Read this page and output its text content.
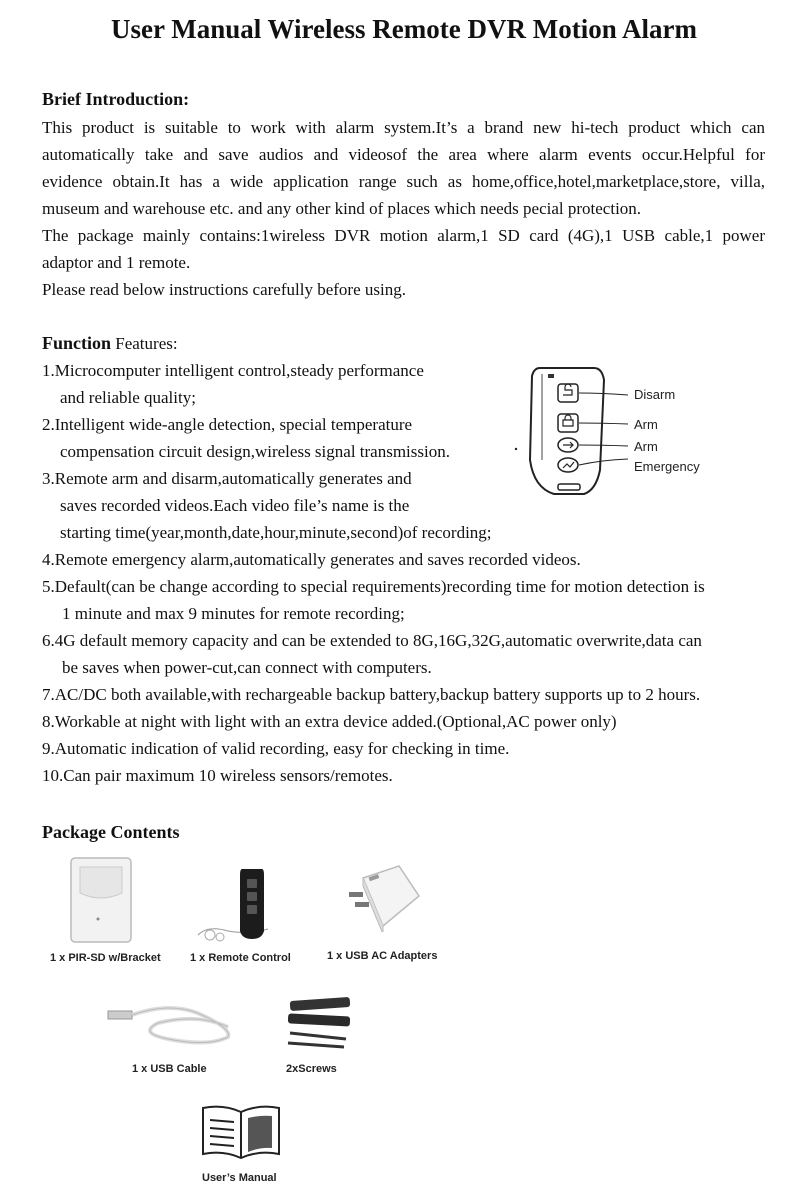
User Manual Wireless Remote DVR Motion Alarm
Brief Introduction:
This product is suitable to work with alarm system.It’s a brand new hi-tech product which can
automatically take and save audios and videosof the area where alarm events occur.Helpful for
evidence obtain.It has a wide application range such as home,office,hotel,marketplace,store, villa,
museum and warehouse etc. and any other kind of places which needs pecial protection.
The package mainly contains:1wireless DVR motion alarm,1 SD card (4G),1 USB cable,1 power
adaptor and 1 remote.
Please read below instructions carefully before using.
Function Features:
1.Microcomputer intelligent control,steady performance
and reliable quality;
2.Intelligent wide-angle detection, special temperature
compensation circuit design,wireless signal transmission.
3.Remote arm and disarm,automatically generates and
saves recorded videos.Each video file’s name is the
starting time(year,month,date,hour,minute,second)of recording;
4.Remote emergency alarm,automatically generates and saves recorded videos.
5.Default(can be change according to special requirements)recording time for motion detection is
1 minute and max 9 minutes for remote recording;
6.4G default memory capacity and can be extended to 8G,16G,32G,automatic overwrite,data can
be saves when power-cut,can connect with computers.
7.AC/DC both available,with rechargeable backup battery,backup battery supports up to 2 hours.
8.Workable at night with light with an extra device added.(Optional,AC power only)
9.Automatic indication of valid recording, easy for checking in time.
10.Can pair maximum 10 wireless sensors/remotes.
Disarm
Arm
Arm
Emergency
Package Contents
1 x PIR-SD w/Bracket	1 x Remote Control	1 x USB AC Adapters
1 x USB Cable	2xScrews
User’s Manual
